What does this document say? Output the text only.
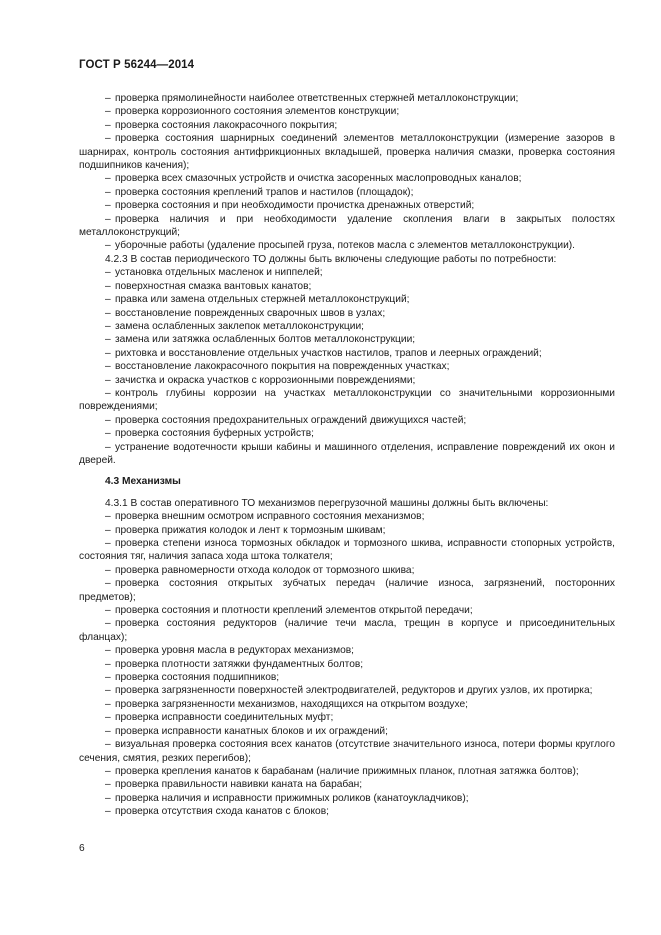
ГОСТ Р 56244—2014
– проверка прямолинейности наиболее ответственных стержней металлоконструкции;
– проверка коррозионного состояния элементов конструкции;
– проверка состояния лакокрасочного покрытия;
– проверка состояния шарнирных соединений элементов металлоконструкции (измерение зазоров в шарнирах, контроль состояния антифрикционных вкладышей, проверка наличия смазки, проверка состояния подшипников качения);
– проверка всех смазочных устройств и очистка засоренных маслопроводных каналов;
– проверка состояния креплений трапов и настилов (площадок);
– проверка состояния и при необходимости прочистка дренажных отверстий;
– проверка наличия и при необходимости удаление скопления влаги в закрытых полостях металлоконструкций;
– уборочные работы (удаление просыпей груза, потеков масла с элементов металлоконструкции).
4.2.3 В состав периодического ТО должны быть включены следующие работы по потребности:
– установка отдельных масленок и ниппелей;
– поверхностная смазка вантовых канатов;
– правка или замена отдельных стержней металлоконструкций;
– восстановление поврежденных сварочных швов в узлах;
– замена ослабленных заклепок металлоконструкции;
– замена или затяжка ослабленных болтов металлоконструкции;
– рихтовка и восстановление отдельных участков настилов, трапов и леерных ограждений;
– восстановление лакокрасочного покрытия на поврежденных участках;
– зачистка и окраска участков с коррозионными повреждениями;
– контроль глубины коррозии на участках металлоконструкции со значительными коррозионными повреждениями;
– проверка состояния предохранительных ограждений движущихся частей;
– проверка состояния буферных устройств;
– устранение водотечности крыши кабины и машинного отделения, исправление повреждений их окон и дверей.
4.3 Механизмы
4.3.1 В состав оперативного ТО механизмов перегрузочной машины должны быть включены:
– проверка внешним осмотром исправного состояния механизмов;
– проверка прижатия колодок и лент к тормозным шкивам;
– проверка степени износа тормозных обкладок и тормозного шкива, исправности стопорных устройств, состояния тяг, наличия запаса хода штока толкателя;
– проверка равномерности отхода колодок от тормозного шкива;
– проверка состояния открытых зубчатых передач (наличие износа, загрязнений, посторонних предметов);
– проверка состояния и плотности креплений элементов открытой передачи;
– проверка состояния редукторов (наличие течи масла, трещин в корпусе и присоединительных фланцах);
– проверка уровня масла в редукторах механизмов;
– проверка плотности затяжки фундаментных болтов;
– проверка состояния подшипников;
– проверка загрязненности поверхностей электродвигателей, редукторов и других узлов, их протирка;
– проверка загрязненности механизмов, находящихся на открытом воздухе;
– проверка исправности соединительных муфт;
– проверка исправности канатных блоков и их ограждений;
– визуальная проверка состояния всех канатов (отсутствие значительного износа, потери формы круглого сечения, смятия, резких перегибов);
– проверка крепления канатов к барабанам (наличие прижимных планок, плотная затяжка болтов);
– проверка правильности навивки каната на барабан;
– проверка наличия и исправности прижимных роликов (канатоукладчиков);
– проверка отсутствия схода канатов с блоков;
6
